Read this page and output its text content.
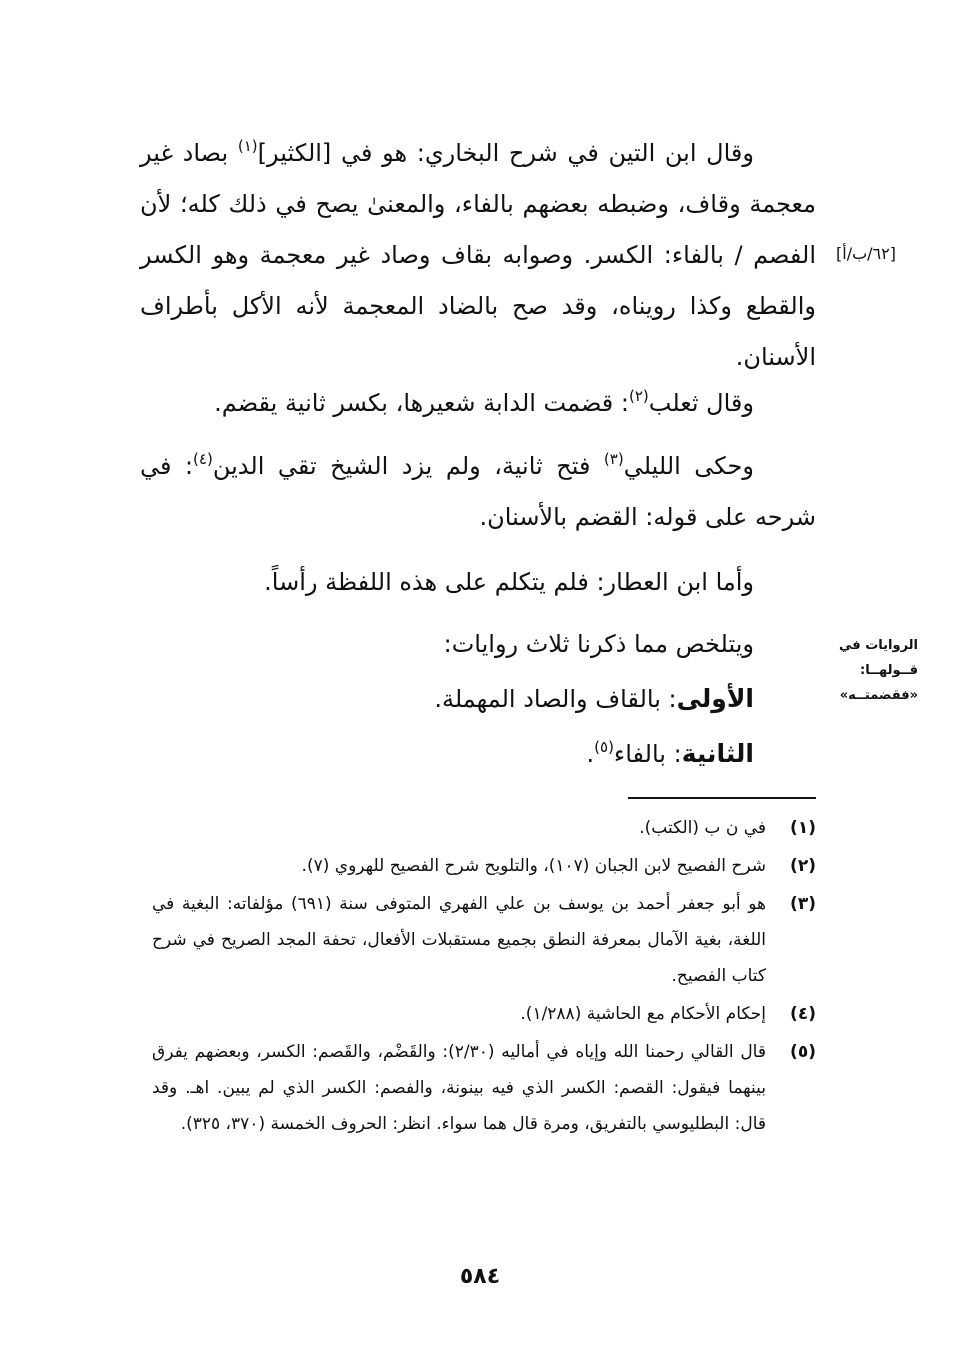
وقال ابن التين في شرح البخاري: هو في [الكثير]$^{(١)}$ بصاد غير معجمة وقاف، وضبطه بعضهم بالفاء، والمعنىٰ يصح في ذلك كله؛ لأن الفصم / بالفاء: الكسر. وصوابه بقاف وصاد غير معجمة وهو الكسر والقطع وكذا رويناه، وقد صح بالضاد المعجمة لأنه الأكل بأطراف الأسنان.

[٦٢/ب/أ]

وقال ثعلب$^{(٢)}$: قضمت الدابة شعيرها، بكسر ثانية يقضم.

وحكى الليلي$^{(٣)}$ فتح ثانية، ولم يزد الشيخ تقي الدين$^{(٤)}$: في شرحه على قوله: القضم بالأسنان.

وأما ابن العطار: فلم يتكلم على هذه اللفظة رأساً.

ويتلخص مما ذكرنا ثلاث روايات:	الروايات في
قــولهــا:
«فقضمتــه»

الأولى: بالقاف والصاد المهملة.

الثانية: بالفاء$^{(٥)}$.

(١)
في ن ب (الكتب).
(٢)
شرح الفصيح لابن الجبان (١٠٧)، والتلويح شرح الفصيح للهروي (٧).
(٣)
هو أبو جعفر أحمد بن يوسف بن علي الفهري المتوفى سنة (٦٩١) مؤلفاته: البغية في اللغة، بغية الآمال بمعرفة النطق بجميع مستقبلات الأفعال، تحفة المجد الصريح في شرح كتاب الفصيح.
(٤)
إحكام الأحكام مع الحاشية (١/٢٨٨).
(٥)
قال القالي رحمنا الله وإياه في أماليه (٢/٣٠): والقَضْم، والقَصم: الكسر، وبعضهم يفرق بينهما فيقول: القصم: الكسر الذي فيه بينونة، والفصم: الكسر الذي لم يبين. اهـ. وقد قال: البطليوسي بالتفريق، ومرة قال هما سواء. انظر: الحروف الخمسة (٣٧٠، ٣٢٥).
٥٨٤
